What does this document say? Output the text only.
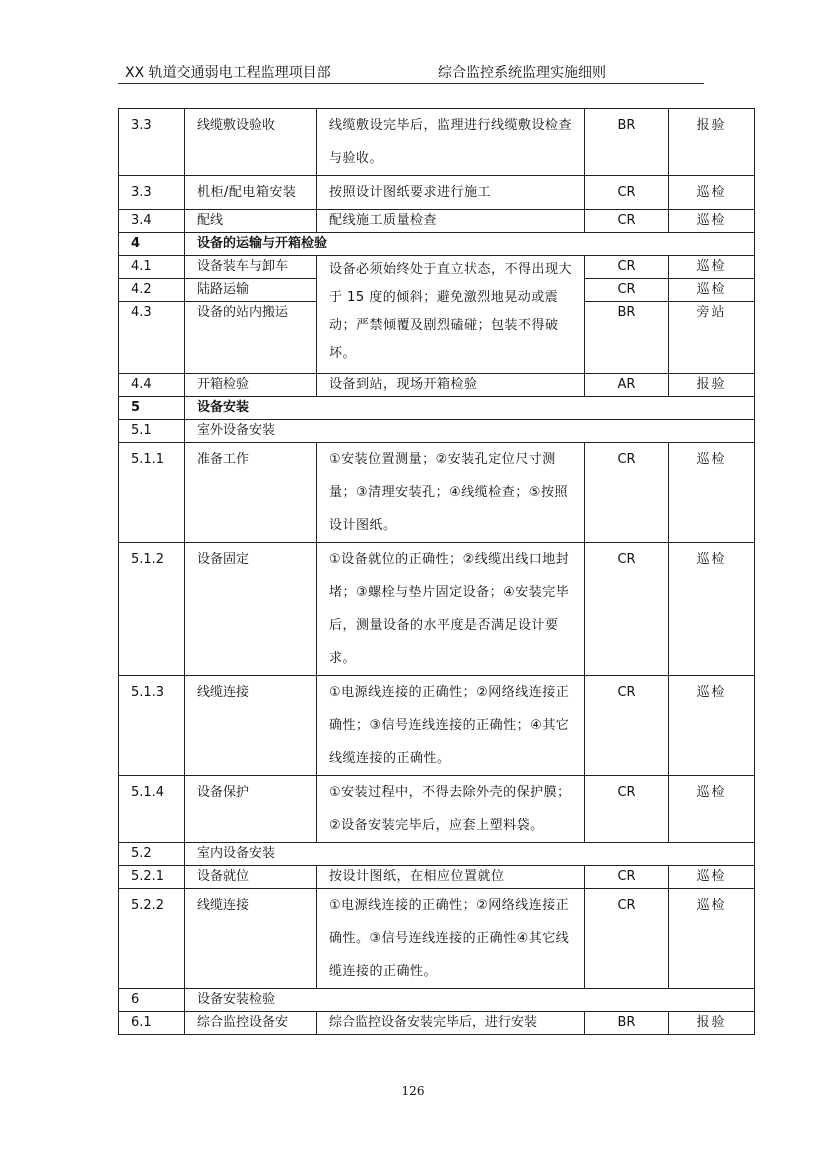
XX 轨道交通弱电工程监理项目部	综合监控系统监理实施细则
3.3	线缆敷设验收	线缆敷设完毕后，监理进行线缆敷设检查与验收。	BR	报验
3.3	机柜/配电箱安装	按照设计图纸要求进行施工	CR	巡检
3.4	配线	配线施工质量检查	CR	巡检
4	设备的运输与开箱检验			
4.1	设备装车与卸车	设备必须始终处于直立状态，不得出现大于 15 度的倾斜；避免激烈地晃动或震动；严禁倾覆及剧烈磕碰；包装不得破坏。	CR	巡检
4.2	陆路运输		CR	巡检
4.3	设备的站内搬运		BR	旁站
4.4	开箱检验	设备到站，现场开箱检验	AR	报验
5	设备安装			
5.1	室外设备安装			
5.1.1	准备工作	①安装位置测量；②安装孔定位尺寸测量；③清理安装孔；④线缆检查；⑤按照设计图纸。	CR	巡检
5.1.2	设备固定	①设备就位的正确性；②线缆出线口地封堵；③螺栓与垫片固定设备；④安装完毕后，测量设备的水平度是否满足设计要求。	CR	巡检
5.1.3	线缆连接	①电源线连接的正确性；②网络线连接正确性；③信号连线连接的正确性；④其它线缆连接的正确性。	CR	巡检
5.1.4	设备保护	①安装过程中，不得去除外壳的保护膜；②设备安装完毕后，应套上塑料袋。	CR	巡检
5.2	室内设备安装			
5.2.1	设备就位	按设计图纸，在相应位置就位	CR	巡检
5.2.2	线缆连接	①电源线连接的正确性；②网络线连接正确性。③信号连线连接的正确性④其它线缆连接的正确性。	CR	巡检
6	设备安装检验			
6.1	综合监控设备安	综合监控设备安装完毕后，进行安装	BR	报验
126
